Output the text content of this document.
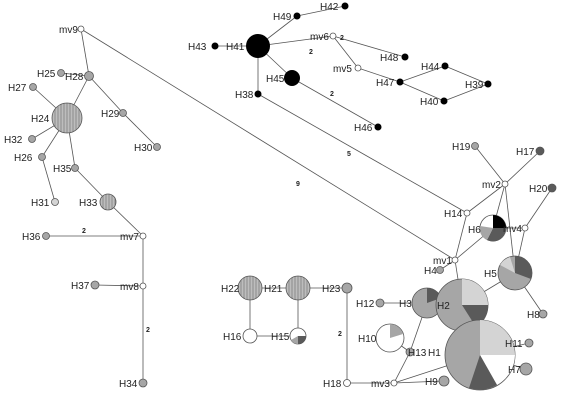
2
2
2
5
9
2
2
2
mv9
H25 H28
H27
H24	H29
H32
H30
H26
H35
H31	H33
H36	mv7
H37	mv8
H34
H42
H49
mv6
H43 H41
H48
mv5
H45
H44
H47	H39
H38
H40
H46
H19	H17
mv2	H20
H14
H6 mv4
mv1
H4	H5
H8
H12 H3	H2
H10
H1
H11
H13
H7
H9
mv3
H18
H23
H22 H21
H16	H15
